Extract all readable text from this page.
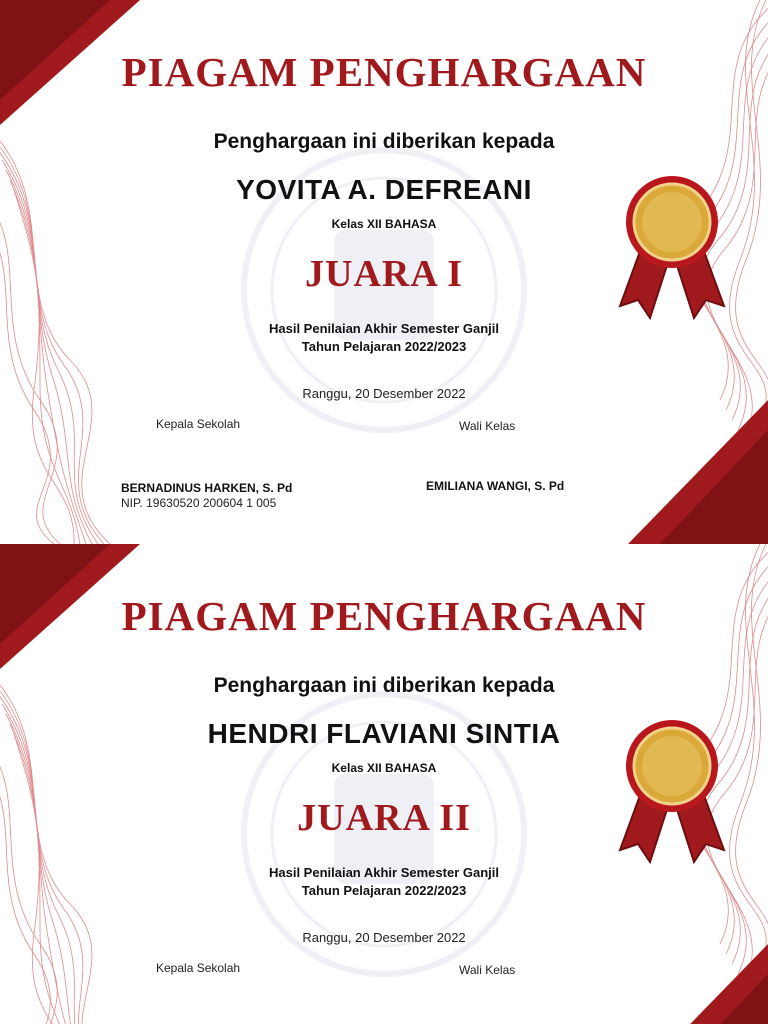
PIAGAM PENGHARGAAN
Penghargaan ini diberikan kepada
YOVITA A. DEFREANI
Kelas XII BAHASA
JUARA I
Hasil Penilaian Akhir Semester Ganjil
Tahun Pelajaran 2022/2023
Ranggu, 20 Desember 2022
Kepala Sekolah	Wali Kelas
BERNADINUS HARKEN, S. Pd
NIP. 19630520 200604 1 005
EMILIANA WANGI, S. Pd
PIAGAM PENGHARGAAN
Penghargaan ini diberikan kepada
HENDRI FLAVIANI SINTIA
Kelas XII BAHASA
JUARA II
Hasil Penilaian Akhir Semester Ganjil
Tahun Pelajaran 2022/2023
Ranggu, 20 Desember 2022
Kepala Sekolah	Wali Kelas
